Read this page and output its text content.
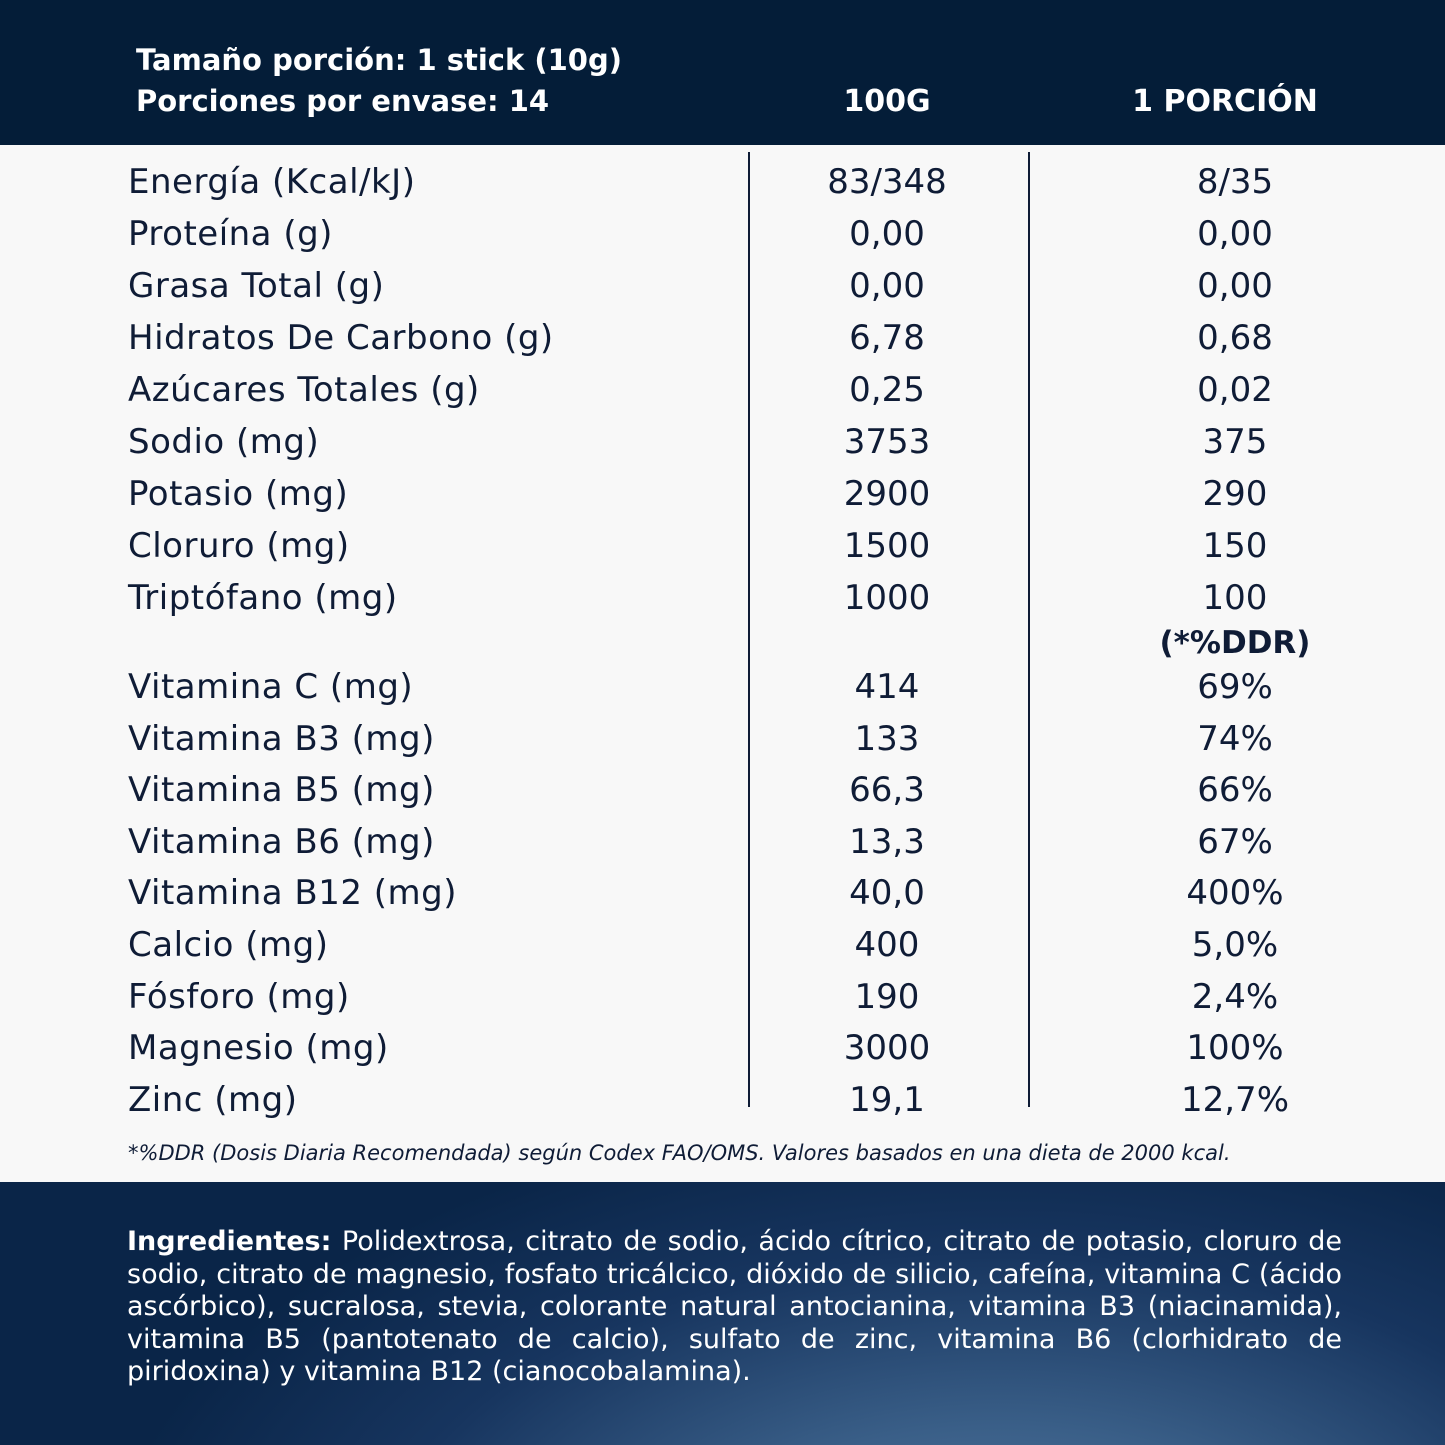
Tamaño porción: 1 stick (10g)
Porciones por envase: 14	100G	1 PORCIÓN
(*%DDR)
*%DDR (Dosis Diaria Recomendada) según Codex FAO/OMS. Valores basados en una dieta de 2000 kcal.
Energía (Kcal/kJ)	83/348	8/35
Proteína (g)	0,00	0,00
Grasa Total (g)	0,00	0,00
Hidratos De Carbono (g)	6,78	0,68
Azúcares Totales (g)	0,25	0,02
Sodio (mg)	3753	375
Potasio (mg)	2900	290
Cloruro (mg)	1500	150
Triptófano (mg)	1000	100
Vitamina C (mg)	414	69%
Vitamina B3 (mg)	133	74%
Vitamina B5 (mg)	66,3	66%
Vitamina B6 (mg)	13,3	67%
Vitamina B12 (mg)	40,0	400%
Calcio (mg)	400	5,0%
Fósforo (mg)	190	2,4%
Magnesio (mg)	3000	100%
Zinc (mg)	19,1	12,7%

Ingredientes: Polidextrosa, citrato de sodio, ácido cítrico, citrato de potasio, cloruro de sodio, citrato de magnesio, fosfato tricálcico, dióxido de silicio, cafeína, vitamina C (ácido ascórbico), sucralosa, stevia, colorante natural antocianina, vitamina B3 (niacinamida), vitamina B5 (pantotenato de calcio), sulfato de zinc, vitamina B6 (clorhidrato de piridoxina) y vitamina B12 (cianocobalamina).
